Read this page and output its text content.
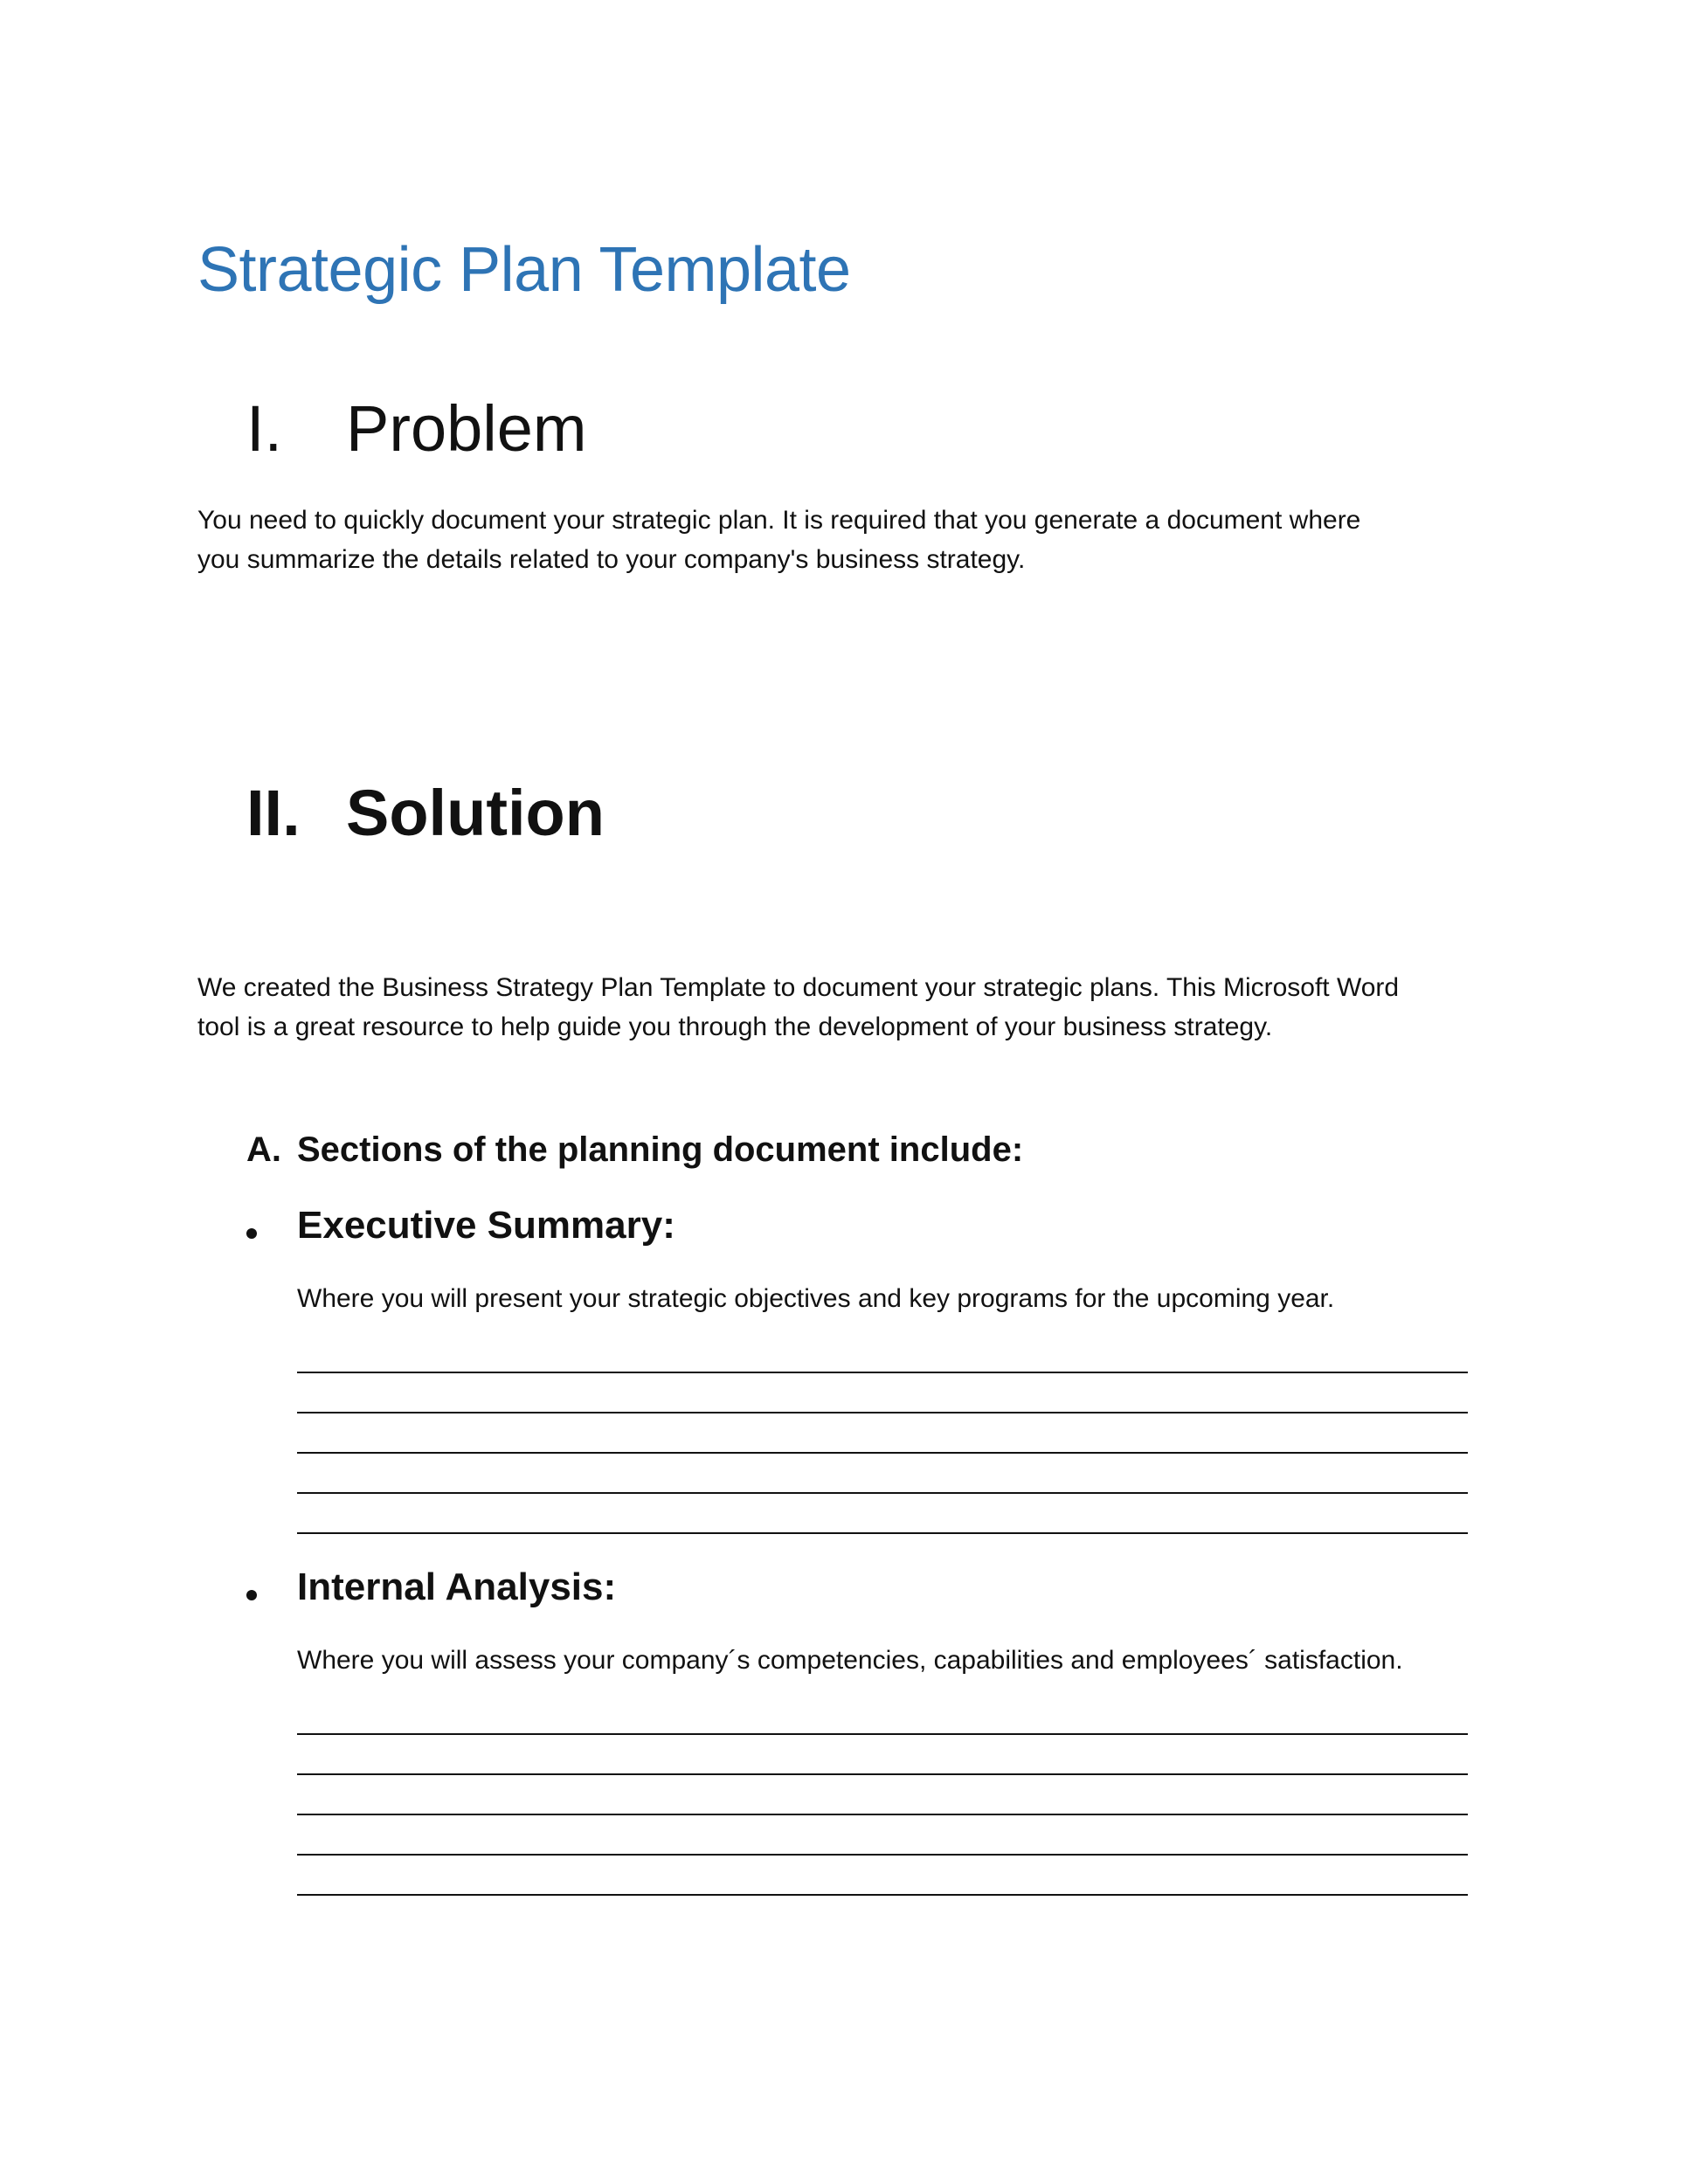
Strategic Plan Template
I. Problem
You need to quickly document your strategic plan. It is required that you generate a document where
you summarize the details related to your company's business strategy.
II. Solution
We created the Business Strategy Plan Template to document your strategic plans. This Microsoft Word
tool is a great resource to help guide you through the development of your business strategy.
A. Sections of the planning document include:
Executive Summary:
Where you will present your strategic objectives and key programs for the upcoming year.
Internal Analysis:
Where you will assess your company´s competencies, capabilities and employees´ satisfaction.
